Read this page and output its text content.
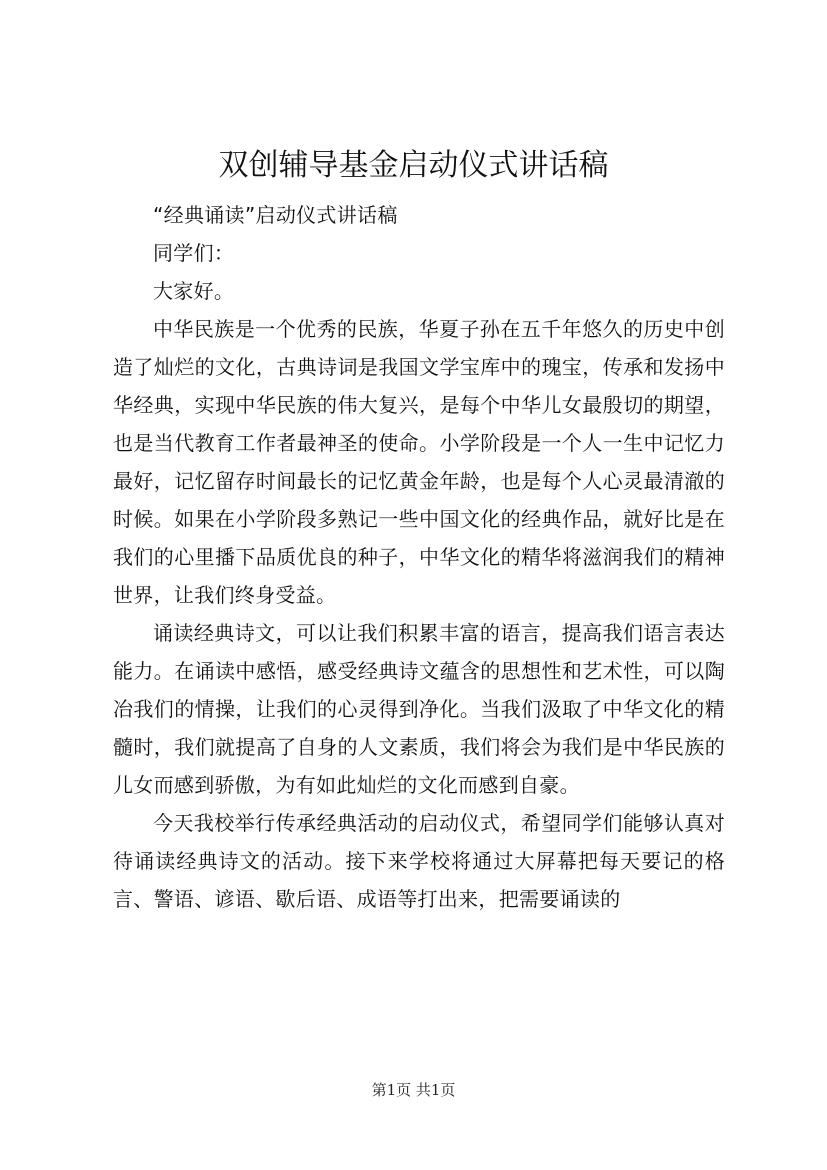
双创辅导基金启动仪式讲话稿

“经典诵读”启动仪式讲话稿

同学们：

大家好。

中华民族是一个优秀的民族，华夏子孙在五千年悠久的历史中创造了灿烂的文化，古典诗词是我国文学宝库中的瑰宝，传承和发扬中华经典，实现中华民族的伟大复兴，是每个中华儿女最殷切的期望，也是当代教育工作者最神圣的使命。小学阶段是一个人一生中记忆力最好，记忆留存时间最长的记忆黄金年龄，也是每个人心灵最清澈的时候。如果在小学阶段多熟记一些中国文化的经典作品，就好比是在我们的心里播下品质优良的种子，中华文化的精华将滋润我们的精神世界，让我们终身受益。

诵读经典诗文，可以让我们积累丰富的语言，提高我们语言表达能力。在诵读中感悟，感受经典诗文蕴含的思想性和艺术性，可以陶冶我们的情操，让我们的心灵得到净化。当我们汲取了中华文化的精髓时，我们就提高了自身的人文素质，我们将会为我们是中华民族的儿女而感到骄傲，为有如此灿烂的文化而感到自豪。

今天我校举行传承经典活动的启动仪式，希望同学们能够认真对待诵读经典诗文的活动。接下来学校将通过大屏幕把每天要记的格言、警语、谚语、歇后语、成语等打出来，把需要诵读的

第1页 共1页
